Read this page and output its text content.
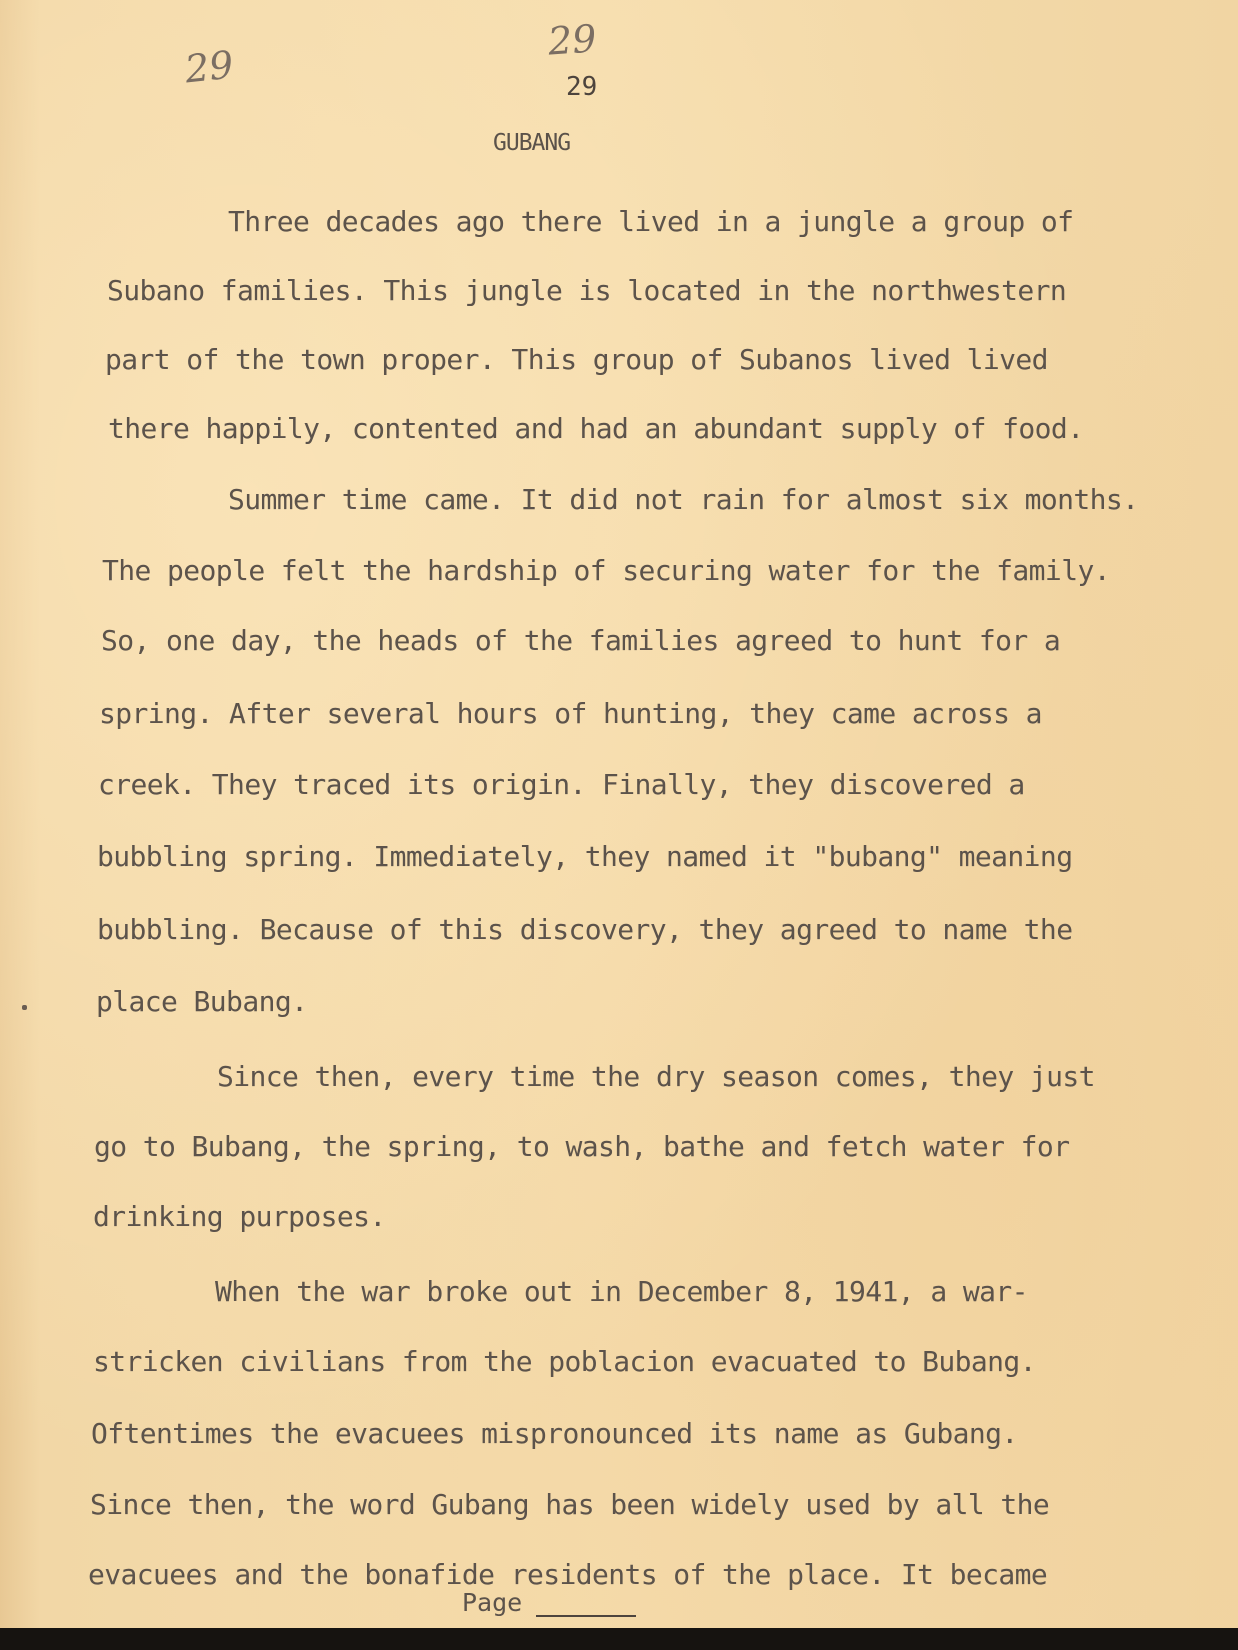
29
29
29
GUBANG
Three decades ago there lived in a jungle a group of
Subano families. This jungle is located in the northwestern
part of the town proper. This group of Subanos lived lived
there happily, contented and had an abundant supply of food.
Summer time came. It did not rain for almost six months.
The people felt the hardship of securing water for the family.
So, one day, the heads of the families agreed to hunt for a
spring. After several hours of hunting, they came across a
creek. They traced its origin. Finally, they discovered a
bubbling spring. Immediately, they named it "bubang" meaning
bubbling. Because of this discovery, they agreed to name the
place Bubang.
Since then, every time the dry season comes, they just
go to Bubang, the spring, to wash, bathe and fetch water for
drinking purposes.
When the war broke out in December 8, 1941, a war-
stricken civilians from the poblacion evacuated to Bubang.
Oftentimes the evacuees mispronounced its name as Gubang.
Since then, the word Gubang has been widely used by all the
evacuees and the bonafide residents of the place. It became
Page
